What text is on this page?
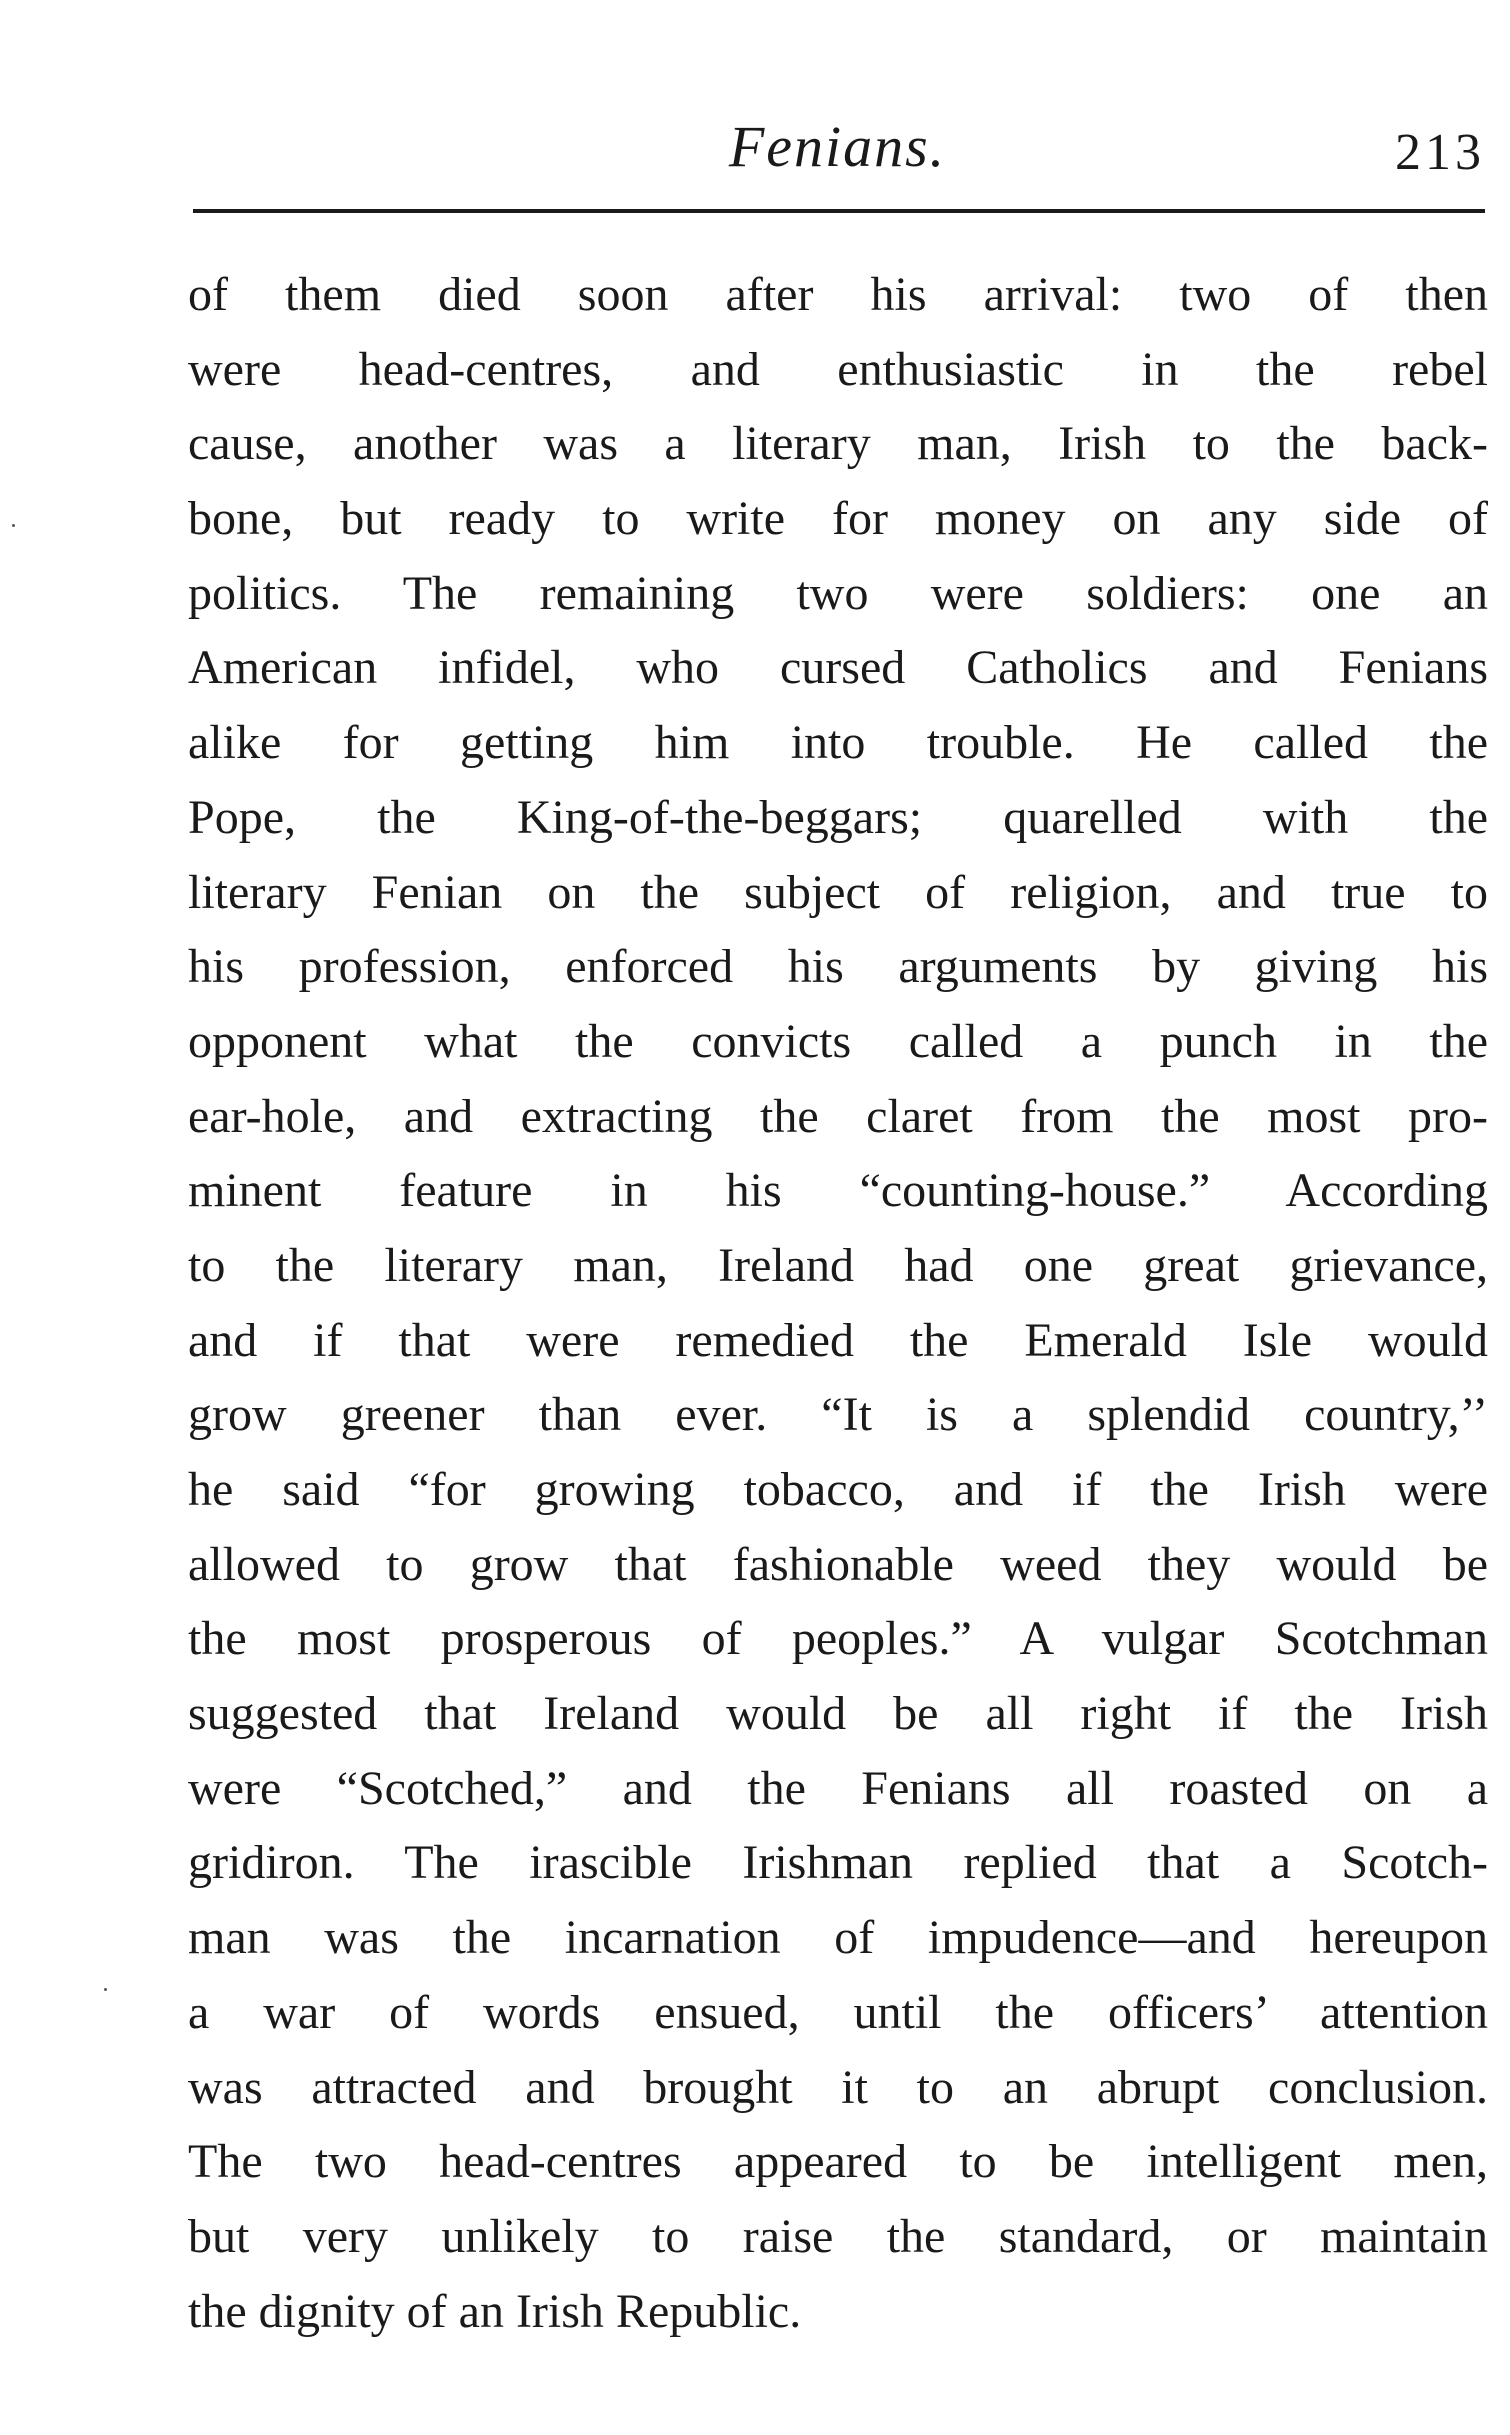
Fenians.	213
of them died soon after his arrival: two of then
were head-centres, and enthusiastic in the rebel
cause, another was a literary man, Irish to the back-
bone, but ready to write for money on any side of
politics. The remaining two were soldiers: one an
American infidel, who cursed Catholics and Fenians
alike for getting him into trouble. He called the
Pope, the King-of-the-beggars; quarelled with the
literary Fenian on the subject of religion, and true to
his profession, enforced his arguments by giving his
opponent what the convicts called a punch in the
ear-hole, and extracting the claret from the most pro-
minent feature in his “counting-house.” According
to the literary man, Ireland had one great grievance,
and if that were remedied the Emerald Isle would
grow greener than ever. “It is a splendid country,’’
he said “for growing tobacco, and if the Irish were
allowed to grow that fashionable weed they would be
the most prosperous of peoples.” A vulgar Scotchman
suggested that Ireland would be all right if the Irish
were “Scotched,” and the Fenians all roasted on a
gridiron. The irascible Irishman replied that a Scotch-
man was the incarnation of impudence—and hereupon
a war of words ensued, until the officers’ attention
was attracted and brought it to an abrupt conclusion.
The two head-centres appeared to be intelligent men,
but very unlikely to raise the standard, or maintain
the dignity of an Irish Republic.
